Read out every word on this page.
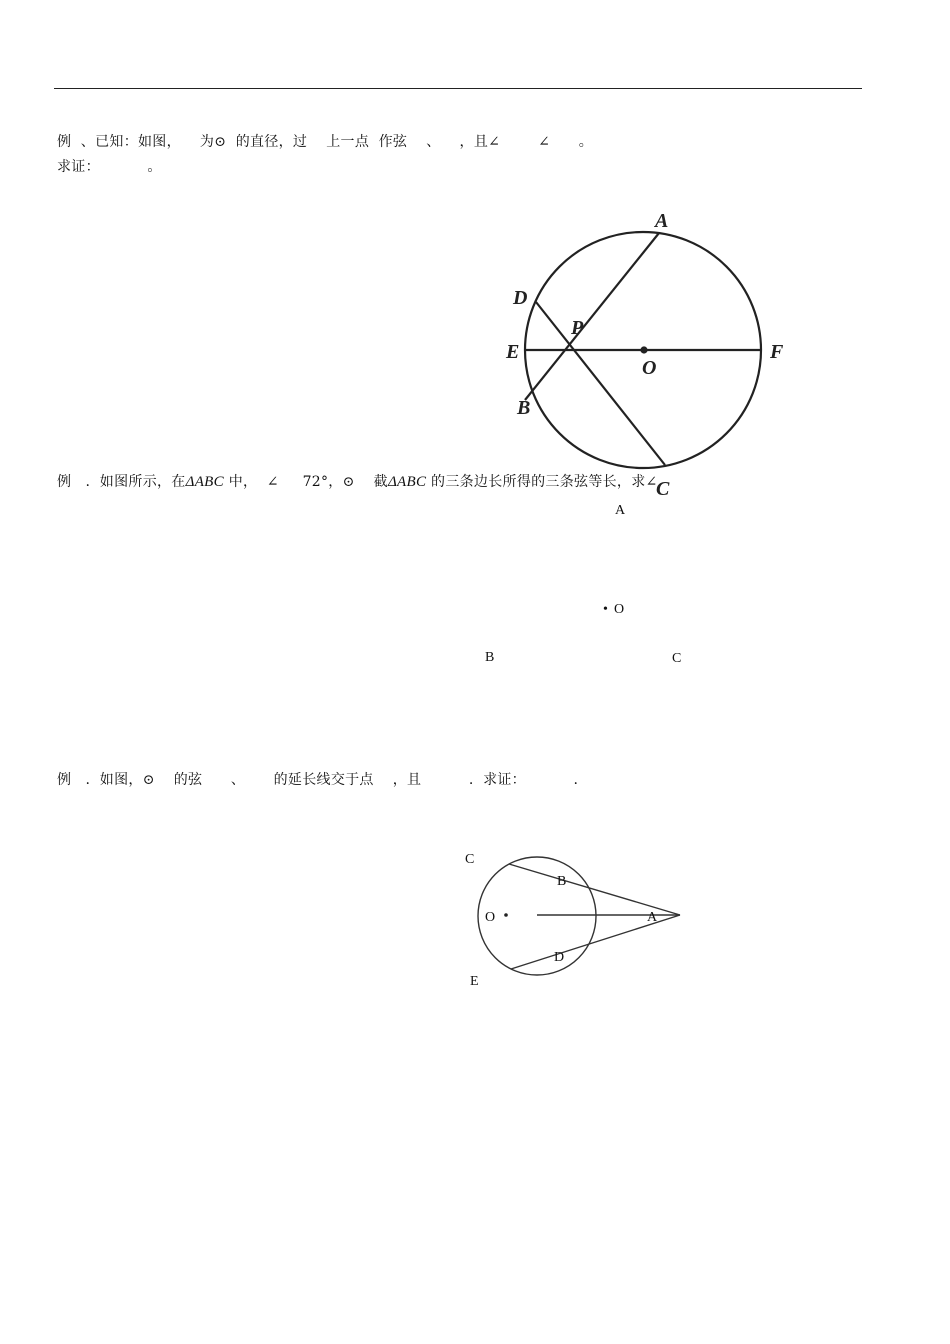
例  、已知：如图，    为⊙  的直径，过    上一点  作弦    、    ，且∠        ∠      。
求证：          。
A
D
P
E
O
F
B
C
例   .  如图所示，在ΔABC 中，  ∠     72°，⊙    截ΔABC 的三条边长所得的三条弦等长，求∠
A
• O
B	C
例   .  如图，⊙    的弦      、      的延长线交于点    ，且          .  求证：          .
C
B
O	A
D
E
